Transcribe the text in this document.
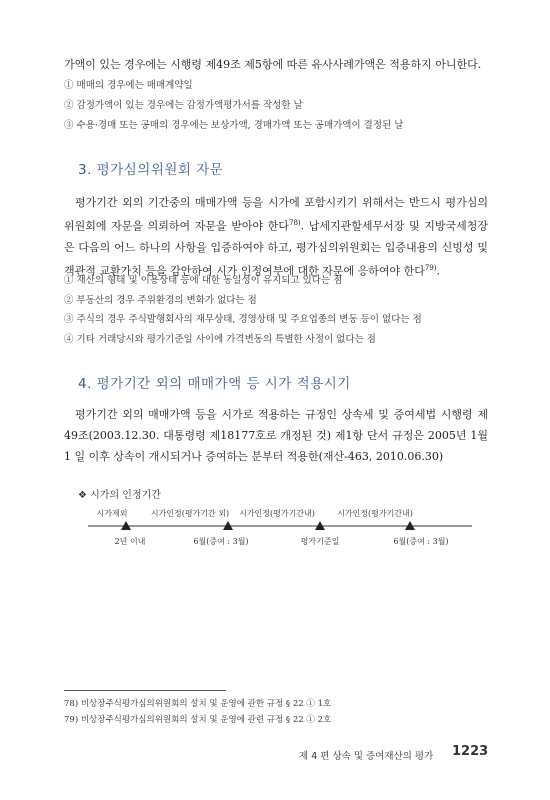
가액이 있는 경우에는 시행령 제49조 제5항에 따른 유사사례가액은 적용하지 아니한다.

① 매매의 경우에는 매매계약일
② 감정가액이 있는 경우에는 감정가액평가서를 작성한 날
③ 수용·경매 또는 공매의 경우에는 보상가액, 경매가액 또는 공매가액이 결정된 날
3. 평가심의위원회 자문

평가기간 외의 기간중의 매매가액 등을 시가에 포함시키기 위해서는 반드시 평가심의 위원회에 자문을 의뢰하여 자문을 받아야 한다$^{78)}$. 납세지관할세무서장 및 지방국세청장 은 다음의 어느 하나의 사항을 입증하여야 하고, 평가심의위원회는 입증내용의 신빙성 및 객관적 교환가치 등을 감안하여 시가 인정여부에 대한 자문에 응하여야 한다$^{79)}$.

① 재산의 형태 및 이용상태 등에 대한 동일성이 유지되고 있다는 점
② 부동산의 경우 주위환경의 변화가 없다는 점
③ 주식의 경우 주식발행회사의 재무상태, 경영상태 및 주요업종의 변동 등이 없다는 점
④ 기타 거래당시와 평가기준일 사이에 가격변동의 특별한 사정이 없다는 점
4. 평가기간 외의 매매가액 등 시가 적용시기

평가기간 외의 매매가액 등을 시가로 적용하는 규정인 상속세 및 증여세법 시행령 제 49조(2003.12.30. 대통령령 제18177호로 개정된 것) 제1항 단서 규정은 2005년 1월 1 일 이후 상속이 개시되거나 증여하는 분부터 적용한(재산-463, 2010.06.30)

❖ 시가의 인정기간
시가제외	시가인정(평가기간 외) 시가인정(평가기간내)	시가인정(평가기간내)
2년 이내	6월(증여 : 3월)	평가기준일	6월(증여 : 3월)
78) 비상장주식평가심의위원회의 설치 및 운영에 관한 규정 § 22 ① 1호
79) 비상장주식평가심의위원회의 설치 및 운영에 관련 규정 § 22 ① 2호
제 4 편 상속 및 증여재산의 평가 1223
